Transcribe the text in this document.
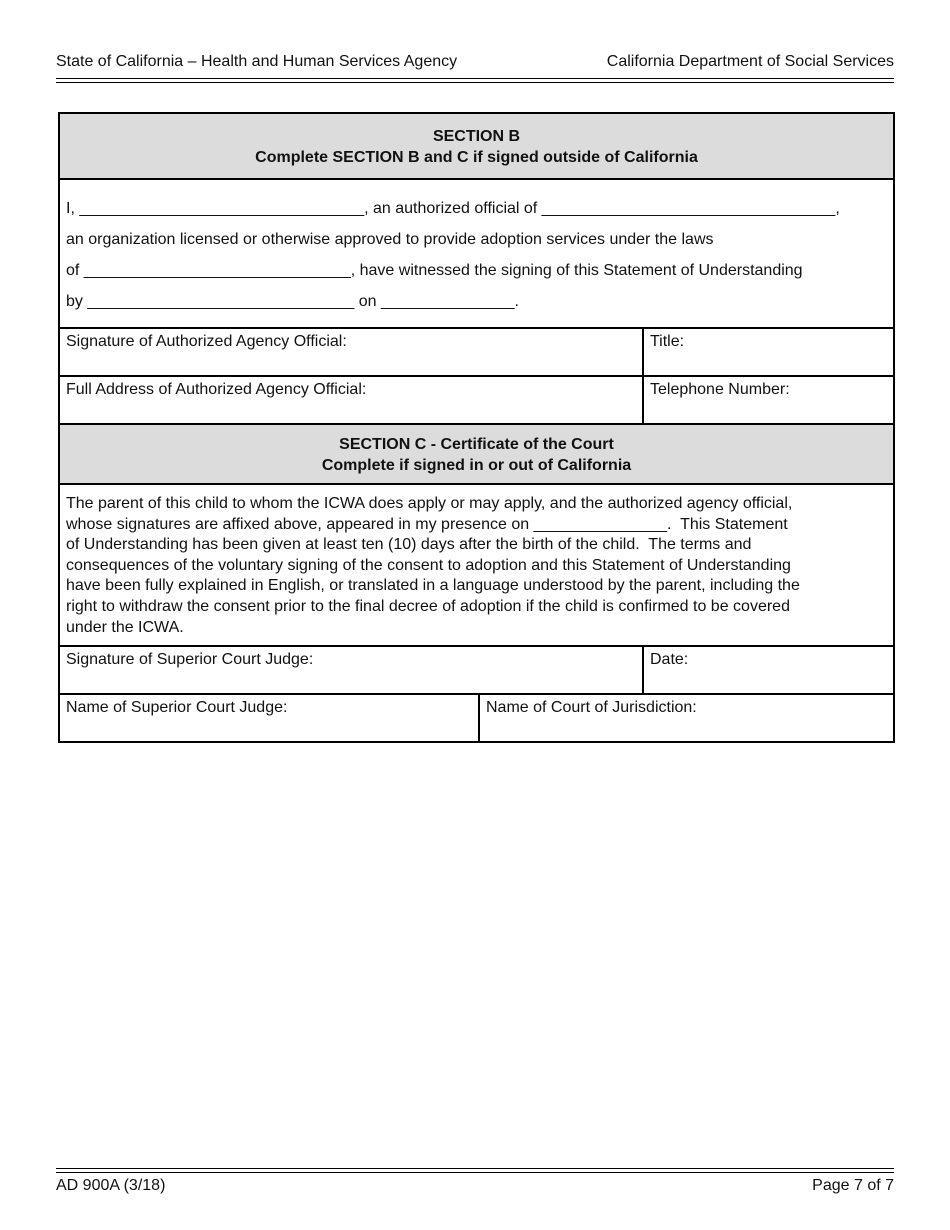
State of California – Health and Human Services Agency	California Department of Social Services
SECTION B
Complete SECTION B and C if signed outside of California
I, ________________________________, an authorized official of _________________________________,
an organization licensed or otherwise approved to provide adoption services under the laws
of ______________________________, have witnessed the signing of this Statement of Understanding
by ______________________________ on _______________.
Signature of Authorized Agency Official:	Title:
Full Address of Authorized Agency Official:	Telephone Number:
SECTION C - Certificate of the Court
Complete if signed in or out of California
The parent of this child to whom the ICWA does apply or may apply, and the authorized agency official,
whose signatures are affixed above, appeared in my presence on _______________.  This Statement
of Understanding has been given at least ten (10) days after the birth of the child.  The terms and
consequences of the voluntary signing of the consent to adoption and this Statement of Understanding
have been fully explained in English, or translated in a language understood by the parent, including the
right to withdraw the consent prior to the final decree of adoption if the child is confirmed to be covered
under the ICWA.
Signature of Superior Court Judge:	Date:
Name of Superior Court Judge:	Name of Court of Jurisdiction:
AD 900A (3/18)	Page 7 of 7
